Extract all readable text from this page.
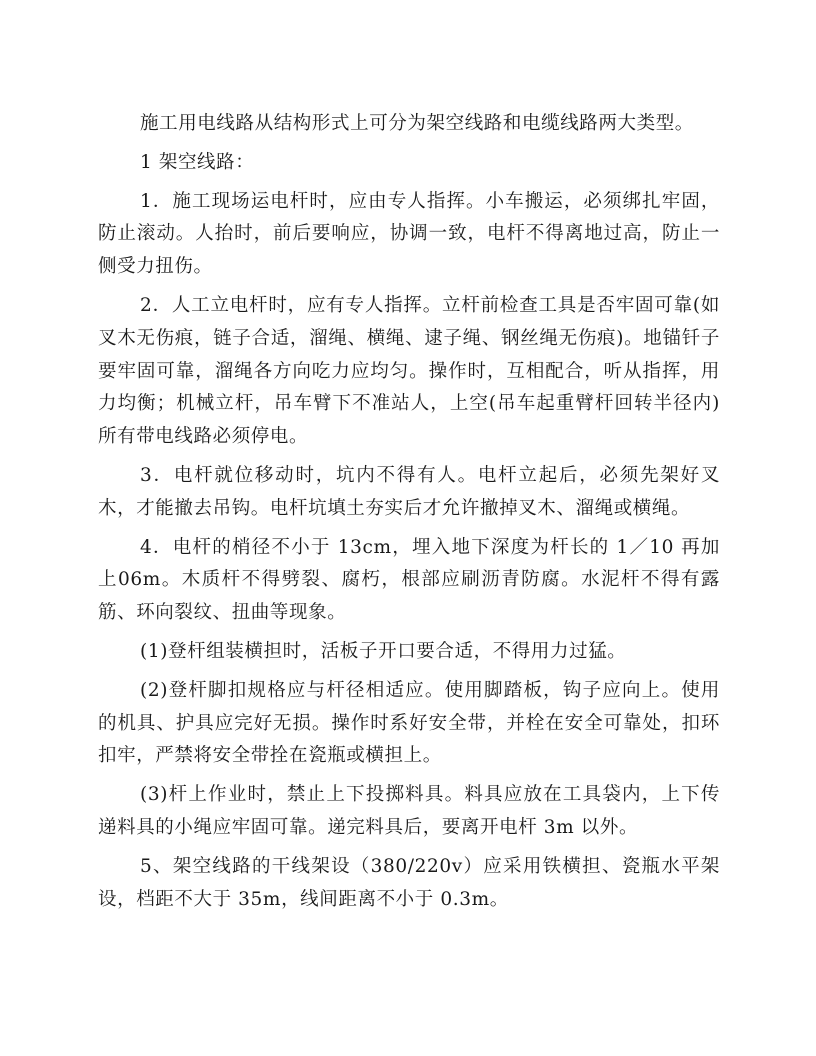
施工用电线路从结构形式上可分为架空线路和电缆线路两大类型。

1 架空线路：

1．施工现场运电杆时，应由专人指挥。小车搬运，必须绑扎牢固，防止滚动。人抬时，前后要响应，协调一致，电杆不得离地过高，防止一侧受力扭伤。

2．人工立电杆时，应有专人指挥。立杆前检查工具是否牢固可靠(如叉木无伤痕，链子合适，溜绳、横绳、逮子绳、钢丝绳无伤痕)。地锚钎子要牢固可靠，溜绳各方向吃力应均匀。操作时，互相配合，听从指挥，用力均衡；机械立杆，吊车臂下不准站人，上空(吊车起重臂杆回转半径内)所有带电线路必须停电。

3．电杆就位移动时，坑内不得有人。电杆立起后，必须先架好叉木，才能撤去吊钩。电杆坑填土夯实后才允许撤掉叉木、溜绳或横绳。

4．电杆的梢径不小于 13cm，埋入地下深度为杆长的 1／10 再加上06m。木质杆不得劈裂、腐朽，根部应刷沥青防腐。水泥杆不得有露筋、环向裂纹、扭曲等现象。

(1)登杆组装横担时，活板子开口要合适，不得用力过猛。

(2)登杆脚扣规格应与杆径相适应。使用脚踏板，钩子应向上。使用的机具、护具应完好无损。操作时系好安全带，并栓在安全可靠处，扣环扣牢，严禁将安全带拴在瓷瓶或横担上。

(3)杆上作业时，禁止上下投掷料具。料具应放在工具袋内，上下传递料具的小绳应牢固可靠。递完料具后，要离开电杆 3m 以外。

5、架空线路的干线架设（380/220v）应采用铁横担、瓷瓶水平架设，档距不大于 35m，线间距离不小于 0.3m。
